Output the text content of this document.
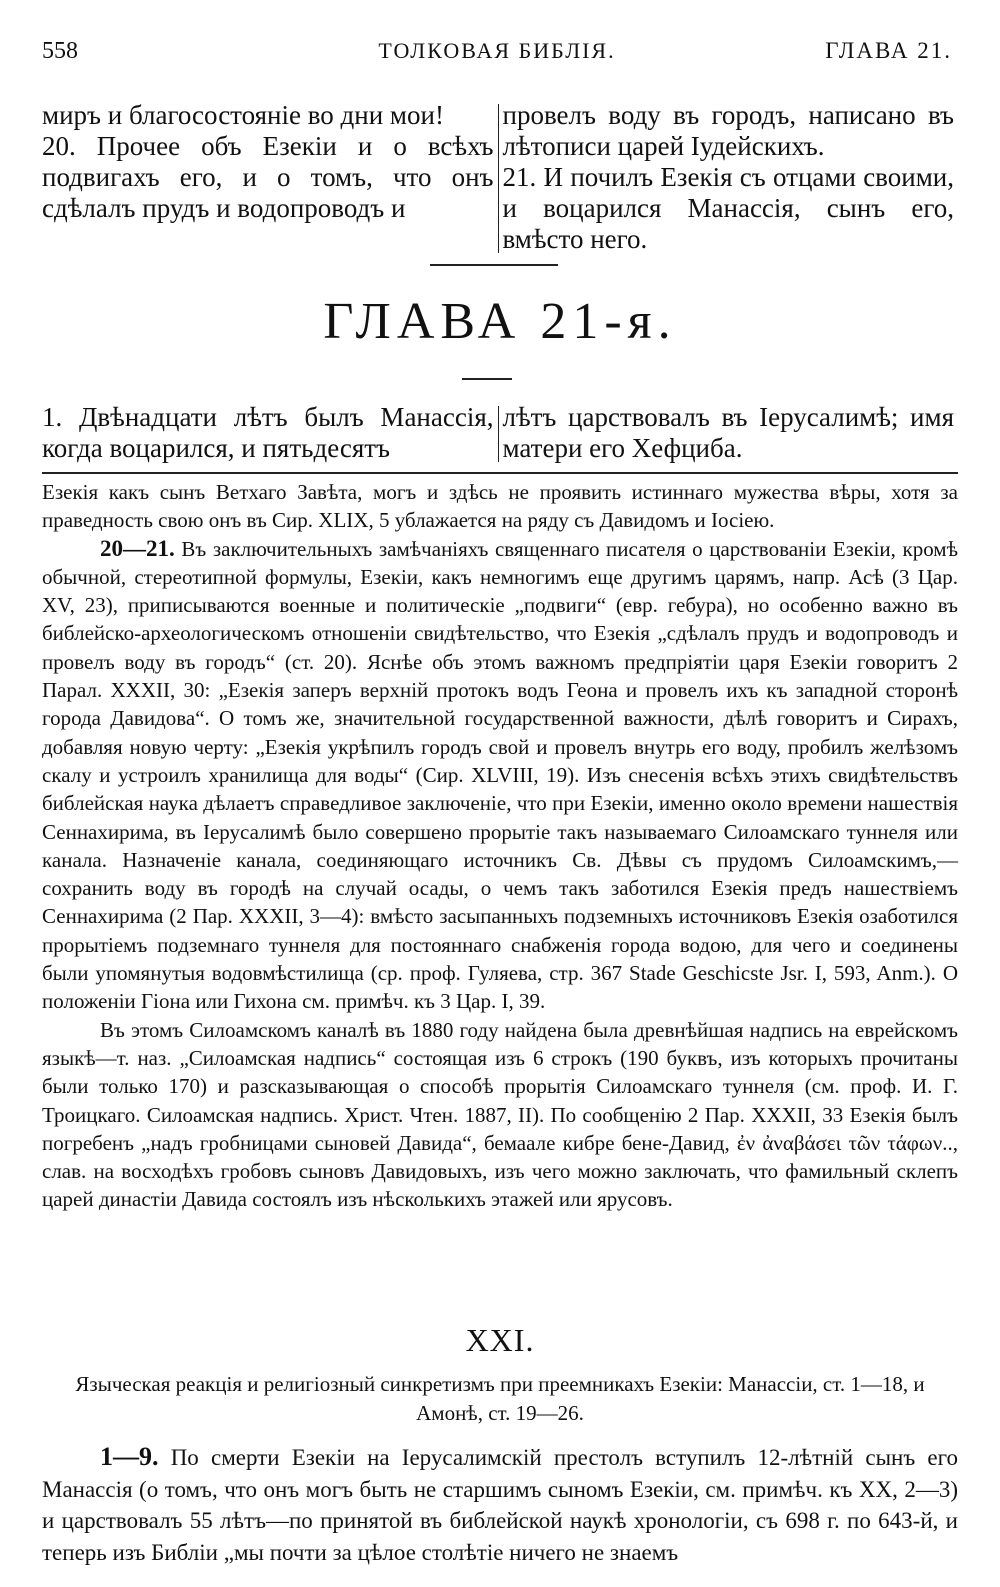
558	ТОЛКОВАЯ БИБЛІЯ.	ГЛАВА 21.

миръ и благосостояніе во дни мои!

20. Прочее объ Езекіи и о всѣхъ подвигахъ его, и о томъ, что онъ сдѣлалъ прудъ и водопроводъ и

провелъ воду въ городъ, написано въ лѣтописи царей Іудейскихъ.

21. И почилъ Езекія съ отцами своими, и воцарился Манассія, сынъ его, вмѣсто него.

ГЛАВА 21-я.
1. Двѣнадцати лѣтъ былъ Манассія, когда воцарился, и пятьдесятъ
лѣтъ царствовалъ въ Іерусалимѣ; имя матери его Хефциба.

Езекія какъ сынъ Ветхаго Завѣта, могъ и здѣсь не проявить истиннаго мужества вѣры, хотя за праведность свою онъ въ Сир. XLIX, 5 ублажается на ряду съ Давидомъ и Іосіею.

20—21. Въ заключительныхъ замѣчаніяхъ священнаго писателя о царствованіи Езекіи, кромѣ обычной, стереотипной формулы, Езекіи, какъ немногимъ еще другимъ царямъ, напр. Асѣ (3 Цар. XV, 23), приписываются военные и политическіе „подвиги“ (евр. гебура), но особенно важно въ библейско-археологическомъ отношеніи свидѣтельство, что Езекія „сдѣлалъ прудъ и водопроводъ и провелъ воду въ городъ“ (ст. 20). Яснѣе объ этомъ важномъ предпріятіи царя Езекіи говоритъ 2 Парал. XXXII, 30: „Езекія заперъ верхній протокъ водъ Геона и провелъ ихъ къ западной сторонѣ города Давидова“. О томъ же, значительной государственной важности, дѣлѣ говоритъ и Сирахъ, добавляя новую черту: „Езекія укрѣпилъ городъ свой и провелъ внутрь его воду, пробилъ желѣзомъ скалу и устроилъ хранилища для воды“ (Сир. XLVIII, 19). Изъ снесенія всѣхъ этихъ свидѣтельствъ библейская наука дѣлаетъ справедливое заключеніе, что при Езекіи, именно около времени нашествія Сеннахирима, въ Іерусалимѣ было совершено прорытіе такъ называемаго Силоамскаго туннеля или канала. Назначеніе канала, соединяющаго источникъ Св. Дѣвы съ прудомъ Силоамскимъ,—сохранить воду въ городѣ на случай осады, о чемъ такъ заботился Езекія предъ нашествіемъ Сеннахирима (2 Пар. XXXII, 3—4): вмѣсто засыпанныхъ подземныхъ источниковъ Езекія озаботился прорытіемъ подземнаго туннеля для постояннаго снабженія города водою, для чего и соединены были упомянутыя водовмѣстилища (ср. проф. Гуляева, стр. 367 Stade Geschicste Jsr. I, 593, Anm.). О положеніи Гіона или Гихона см. примѣч. къ 3 Цар. I, 39.

Въ этомъ Силоамскомъ каналѣ въ 1880 году найдена была древнѣйшая надпись на еврейскомъ языкѣ—т. наз. „Силоамская надпись“ состоящая изъ 6 строкъ (190 буквъ, изъ которыхъ прочитаны были только 170) и разсказывающая о способѣ прорытія Силоамскаго туннеля (см. проф. И. Г. Троицкаго. Силоамская надпись. Христ. Чтен. 1887, II). По сообщенію 2 Пар. XXXII, 33 Езекія былъ погребенъ „надъ гробницами сыновей Давида“, бемаале кибре бене-Давид, ἐν ἀναβάσει τῶν τάφων.., слав. на восходѣхъ гробовъ сыновъ Давидовыхъ, изъ чего можно заключать, что фамильный склепъ царей династіи Давида состоялъ изъ нѣсколькихъ этажей или ярусовъ.

XXI.
Языческая реакція и религіозный синкретизмъ при преемникахъ Езекіи: Манассіи, ст. 1—18, и Амонѣ, ст. 19—26.

1—9. По смерти Езекіи на Іерусалимскій престолъ вступилъ 12-лѣтній сынъ его Манассія (о томъ, что онъ могъ быть не старшимъ сыномъ Езекіи, см. примѣч. къ XX, 2—3) и царствовалъ 55 лѣтъ—по принятой въ библейской наукѣ хронологіи, съ 698 г. по 643-й, и теперь изъ Библіи „мы почти за цѣлое столѣтіе ничего не знаемъ
